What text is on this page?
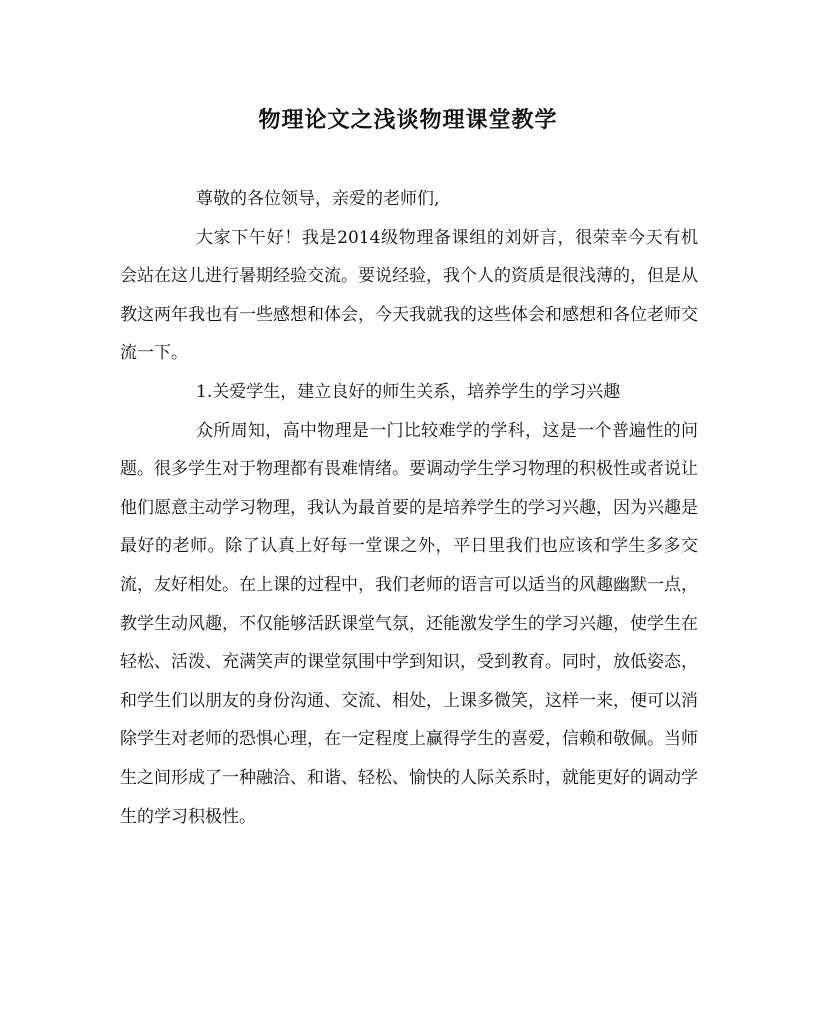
物理论文之浅谈物理课堂教学

尊敬的各位领导，亲爱的老师们,

大家下午好！我是2014级物理备课组的刘妍言，很荣幸今天有机会站在这儿进行暑期经验交流。要说经验，我个人的资质是很浅薄的，但是从教这两年我也有一些感想和体会，今天我就我的这些体会和感想和各位老师交流一下。

1.关爱学生，建立良好的师生关系，培养学生的学习兴趣

众所周知，高中物理是一门比较难学的学科，这是一个普遍性的问题。很多学生对于物理都有畏难情绪。要调动学生学习物理的积极性或者说让他们愿意主动学习物理，我认为最首要的是培养学生的学习兴趣，因为兴趣是最好的老师。除了认真上好每一堂课之外，平日里我们也应该和学生多多交流，友好相处。在上课的过程中，我们老师的语言可以适当的风趣幽默一点，教学生动风趣，不仅能够活跃课堂气氛，还能激发学生的学习兴趣，使学生在轻松、活泼、充满笑声的课堂氛围中学到知识，受到教育。同时，放低姿态，和学生们以朋友的身份沟通、交流、相处，上课多微笑，这样一来，便可以消除学生对老师的恐惧心理，在一定程度上赢得学生的喜爱，信赖和敬佩。当师生之间形成了一种融洽、和谐、轻松、愉快的人际关系时，就能更好的调动学生的学习积极性。
